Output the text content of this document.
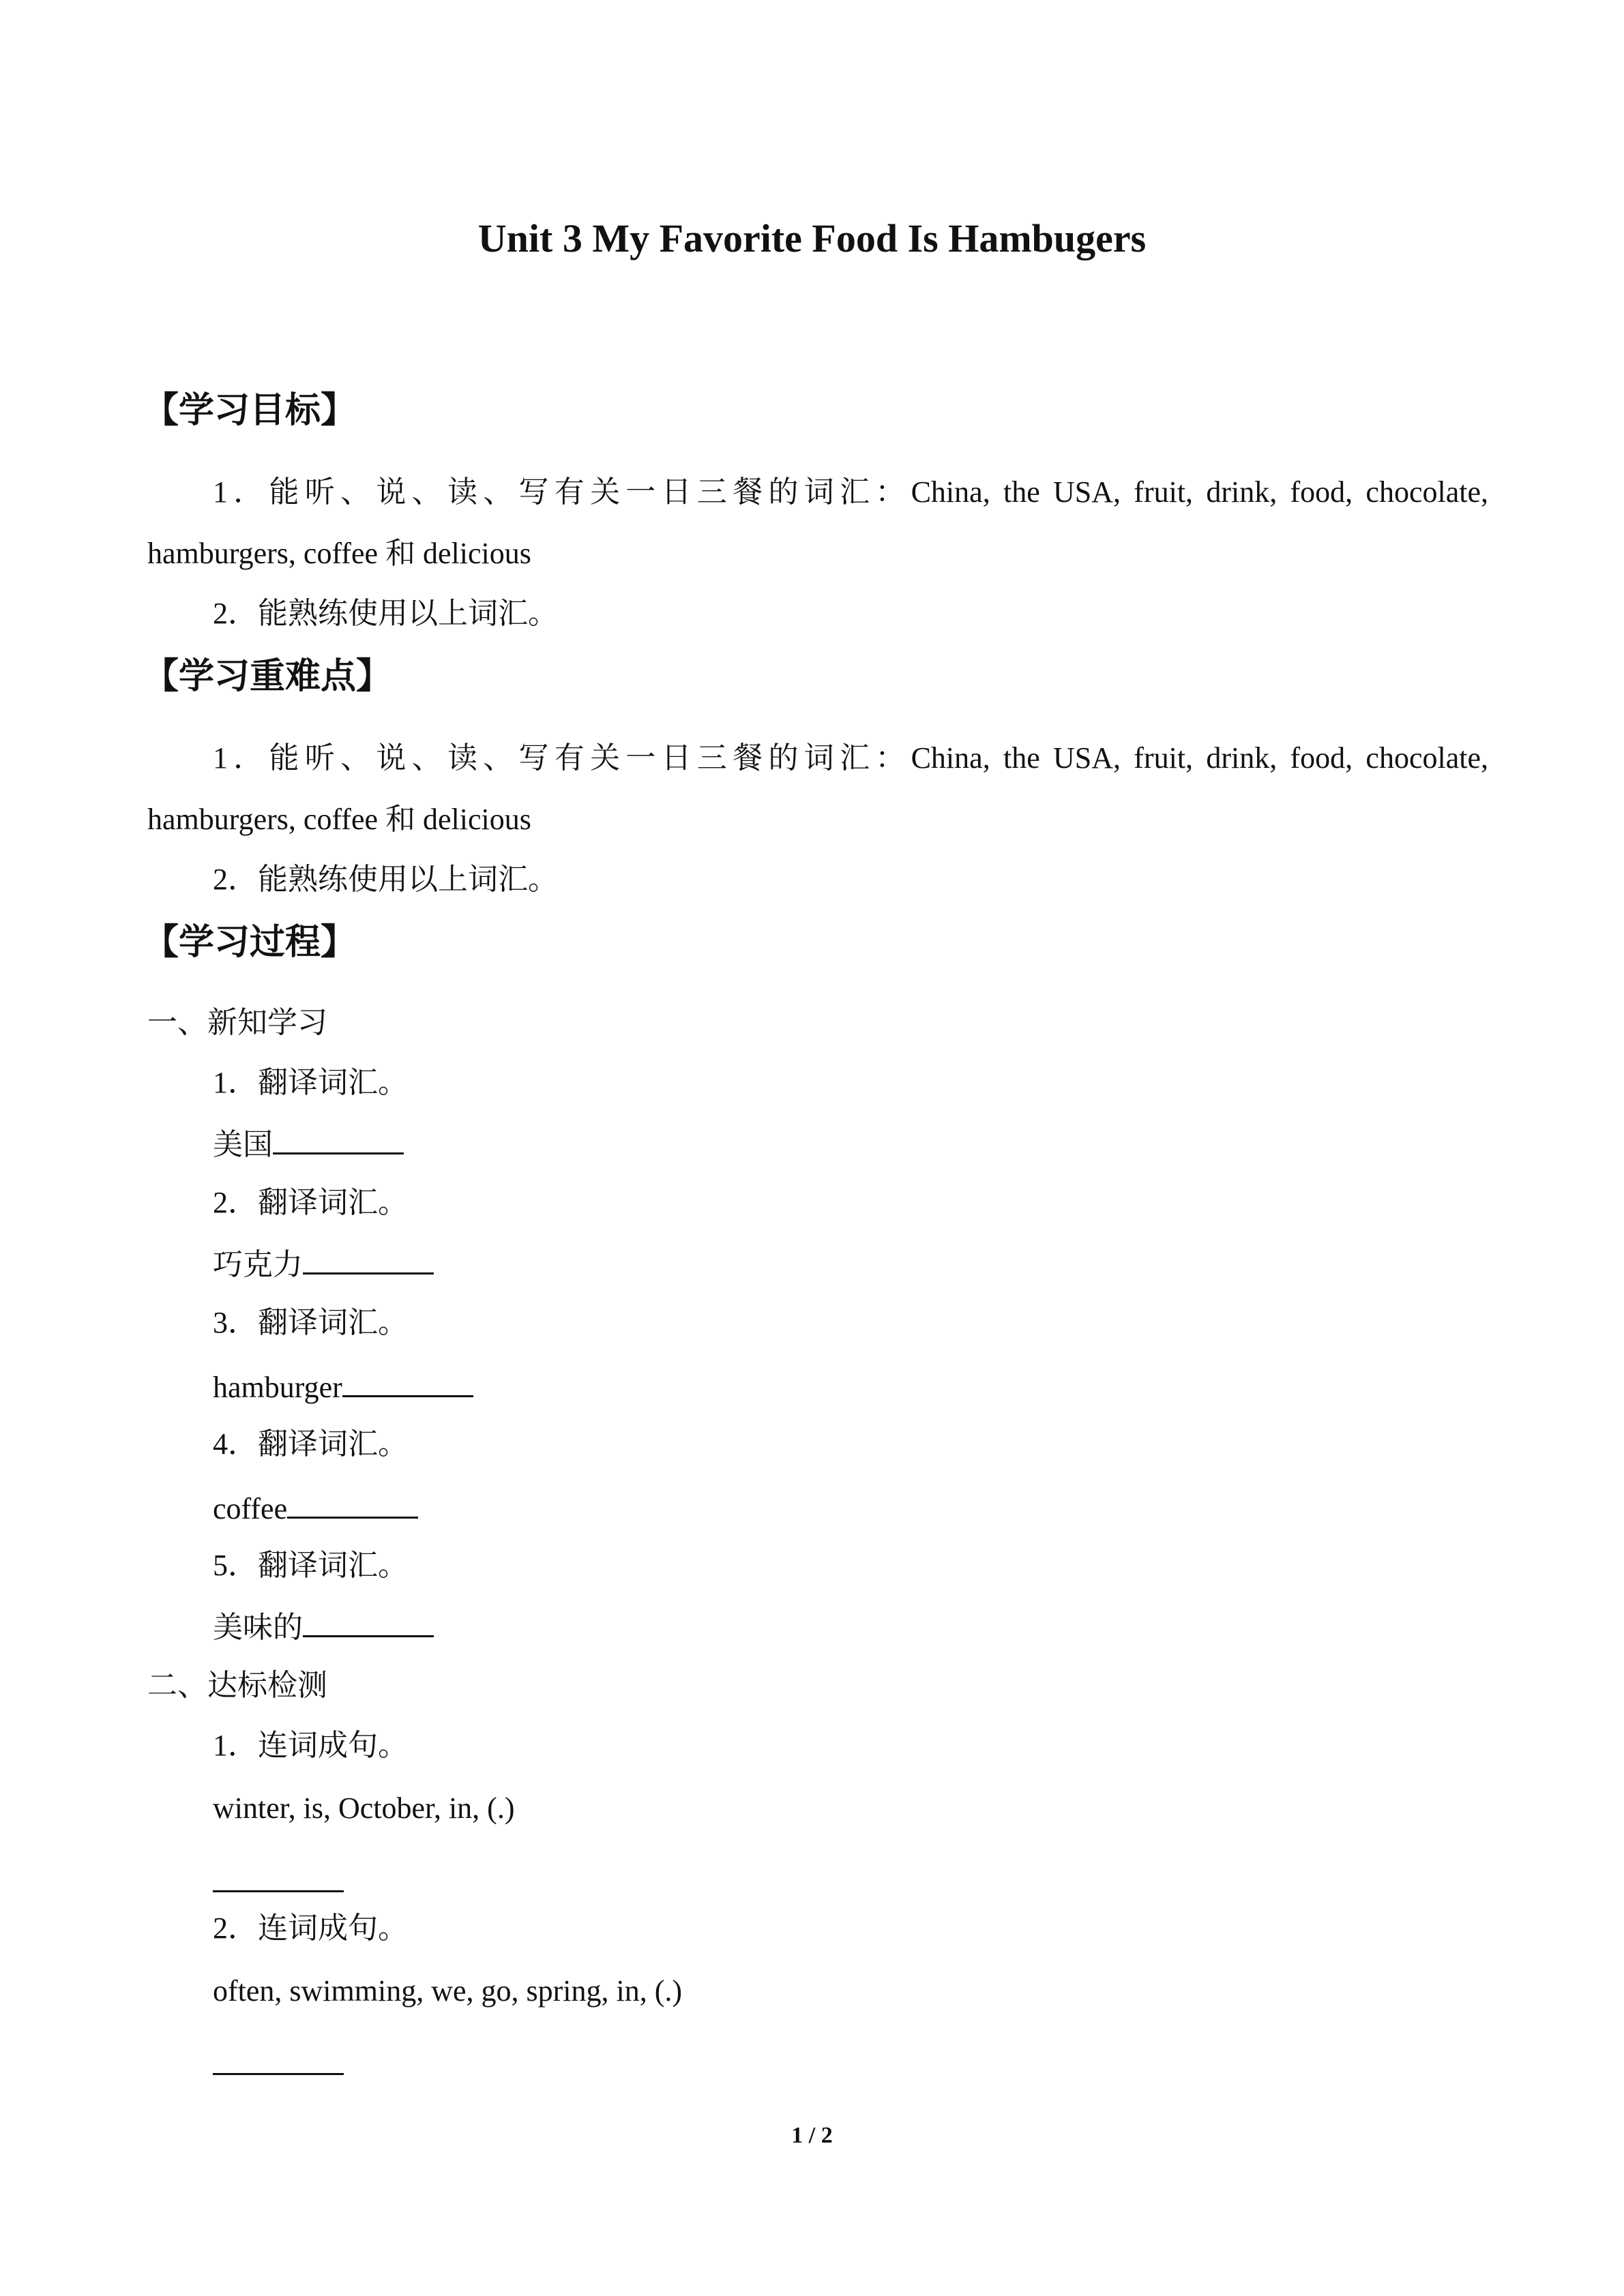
Unit 3 My Favorite Food Is Hambugers
【学习目标】
1．能听、说、读、写有关一日三餐的词汇：China, the USA, fruit, drink, food, chocolate,
hamburgers, coffee 和 delicious
2．能熟练使用以上词汇。
【学习重难点】
1．能听、说、读、写有关一日三餐的词汇：China, the USA, fruit, drink, food, chocolate,
hamburgers, coffee 和 delicious
2．能熟练使用以上词汇。
【学习过程】
一、新知学习
1．翻译词汇。
美国
2．翻译词汇。
巧克力
3．翻译词汇。
hamburger
4．翻译词汇。
coffee
5．翻译词汇。
美味的
二、达标检测
1．连词成句。
winter, is, October, in, (.)
2．连词成句。
often, swimming, we, go, spring, in, (.)
1 / 2
